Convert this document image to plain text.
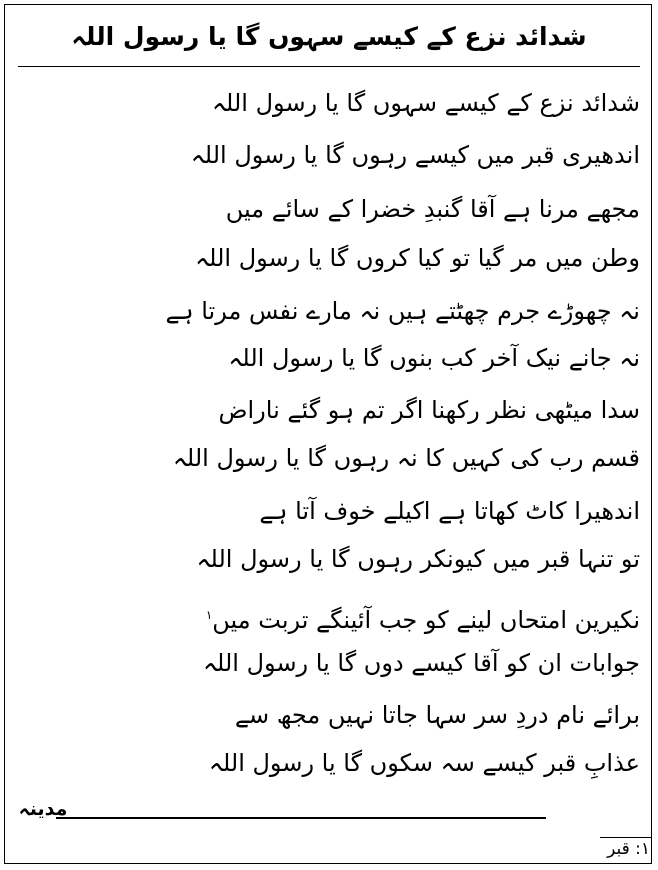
شدائد نزع کے کیسے سہوں گا یا رسول اللہ
شدائد نزع کے کیسے سہوں گا یا رسول اللہ
اندھیری قبر میں کیسے رہوں گا یا رسول اللہ
مجھے مرنا ہے آقا گنبدِ خضرا کے سائے میں
وطن میں مر گیا تو کیا کروں گا یا رسول اللہ
نہ چھوڑے جرم چھٹتے ہیں نہ مارے نفس مرتا ہے
نہ جانے نیک آخر کب بنوں گا یا رسول اللہ
سدا میٹھی نظر رکھنا اگر تم ہو گئے ناراض
قسم رب کی کہیں کا نہ رہوں گا یا رسول اللہ
اندھیرا کاٹ کھاتا ہے اکیلے خوف آتا ہے
تو تنہا قبر میں کیونکر رہوں گا یا رسول اللہ
نکیرین امتحاں لینے کو جب آئینگے تربت میں$^۱$
جوابات ان کو آقا کیسے دوں گا یا رسول اللہ
برائے نام دردِ سر سہا جاتا نہیں مجھ سے
عذابِ قبر کیسے سہ سکوں گا یا رسول اللہ
مدینہ
۱: قبر
